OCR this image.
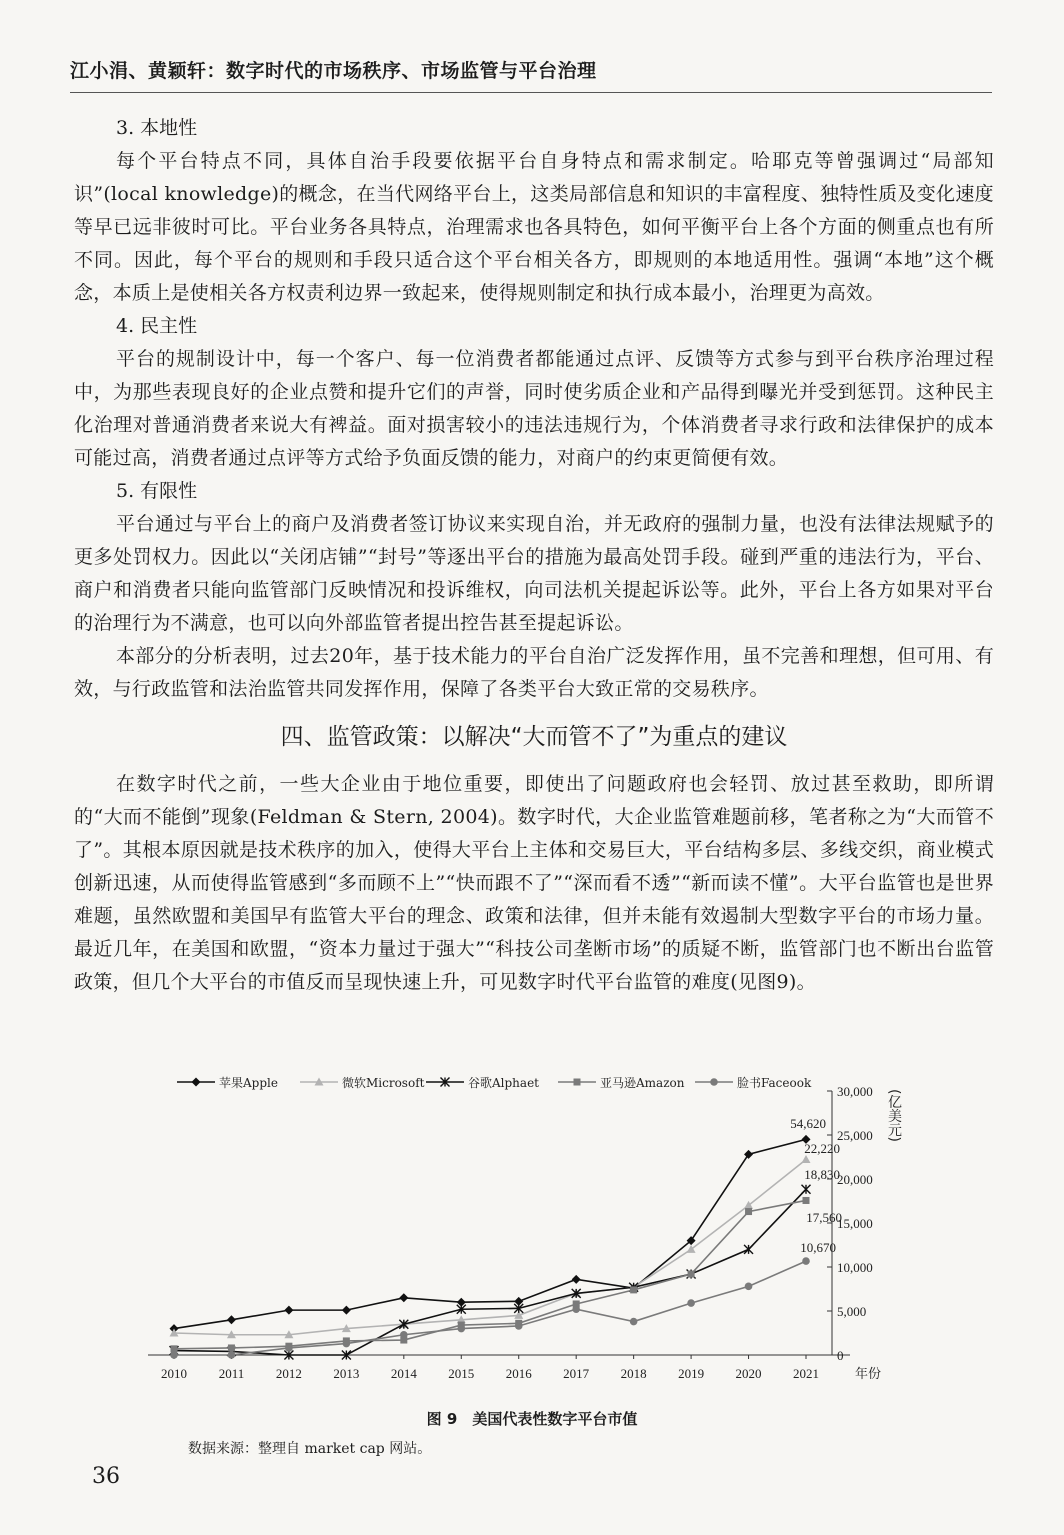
江小涓、黄颖轩：数字时代的市场秩序、市场监管与平台治理

3. 本地性

每个平台特点不同，具体自治手段要依据平台自身特点和需求制定。哈耶克等曾强调过“局部知识”(local knowledge)的概念，在当代网络平台上，这类局部信息和知识的丰富程度、独特性质及变化速度等早已远非彼时可比。平台业务各具特点，治理需求也各具特色，如何平衡平台上各个方面的侧重点也有所不同。因此，每个平台的规则和手段只适合这个平台相关各方，即规则的本地适用性。强调“本地”这个概念，本质上是使相关各方权责利边界一致起来，使得规则制定和执行成本最小，治理更为高效。

4. 民主性

平台的规制设计中，每一个客户、每一位消费者都能通过点评、反馈等方式参与到平台秩序治理过程中，为那些表现良好的企业点赞和提升它们的声誉，同时使劣质企业和产品得到曝光并受到惩罚。这种民主化治理对普通消费者来说大有裨益。面对损害较小的违法违规行为，个体消费者寻求行政和法律保护的成本可能过高，消费者通过点评等方式给予负面反馈的能力，对商户的约束更简便有效。

5. 有限性

平台通过与平台上的商户及消费者签订协议来实现自治，并无政府的强制力量，也没有法律法规赋予的更多处罚权力。因此以“关闭店铺”“封号”等逐出平台的措施为最高处罚手段。碰到严重的违法行为，平台、商户和消费者只能向监管部门反映情况和投诉维权，向司法机关提起诉讼等。此外，平台上各方如果对平台的治理行为不满意，也可以向外部监管者提出控告甚至提起诉讼。

本部分的分析表明，过去20年，基于技术能力的平台自治广泛发挥作用，虽不完善和理想，但可用、有效，与行政监管和法治监管共同发挥作用，保障了各类平台大致正常的交易秩序。

四、监管政策：以解决“大而管不了”为重点的建议

在数字时代之前，一些大企业由于地位重要，即使出了问题政府也会轻罚、放过甚至救助，即所谓的“大而不能倒”现象(Feldman & Stern, 2004)。数字时代，大企业监管难题前移，笔者称之为“大而管不了”。其根本原因就是技术秩序的加入，使得大平台上主体和交易巨大，平台结构多层、多线交织，商业模式创新迅速，从而使得监管感到“多而顾不上”“快而跟不了”“深而看不透”“新而读不懂”。大平台监管也是世界难题，虽然欧盟和美国早有监管大平台的理念、政策和法律，但并未能有效遏制大型数字平台的市场力量。最近几年，在美国和欧盟，“资本力量过于强大”“科技公司垄断市场”的质疑不断，监管部门也不断出台监管政策，但几个大平台的市值反而呈现快速上升，可见数字时代平台监管的难度(见图9)。

苹果Apple	微软Microsoft	谷歌Alphaet	亚马逊Amazon	脸书Faceook
0
5,000
10,000
15,000
20,000
25,000
30,000
2010 2011 2012 2013 2014 2015 2016 2017 2018 2019 2020 2021	年份
(亿美元)
54,620
22,220
18,830
17,560
10,670
图 9　美国代表性数字平台市值
数据来源：整理自 market cap 网站。
36
